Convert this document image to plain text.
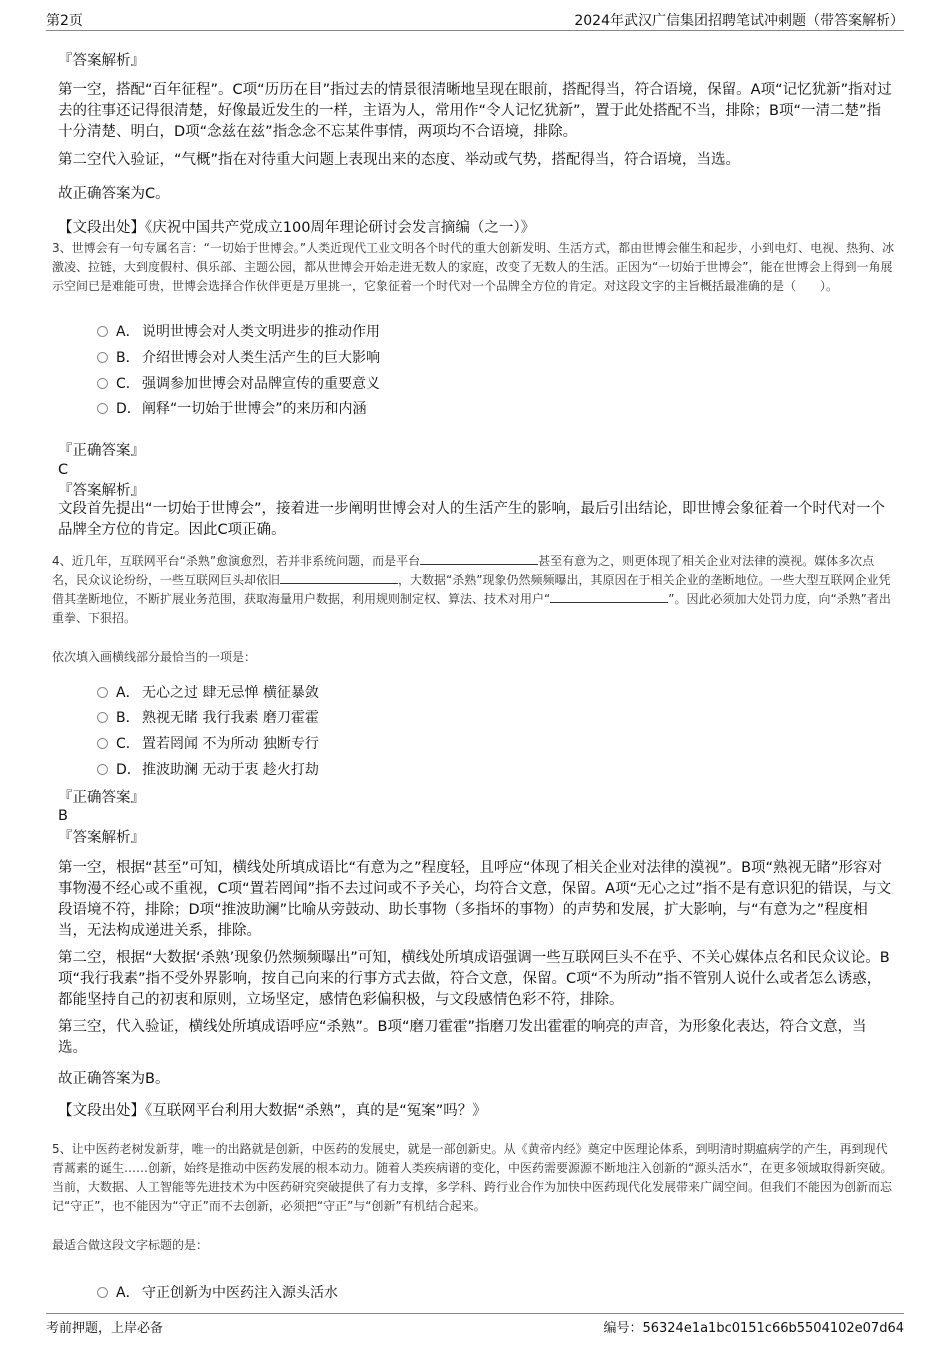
第2页	2024年武汉广信集团招聘笔试冲刺题（带答案解析）
『答案解析』
第一空，搭配“百年征程”。C项“历历在目”指过去的情景很清晰地呈现在眼前，搭配得当，符合语境，保留。A项“记忆犹新”指对过去的往事还记得很清楚，好像最近发生的一样，主语为人，常用作“令人记忆犹新”，置于此处搭配不当，排除；B项“一清二楚”指十分清楚、明白，D项“念兹在兹”指念念不忘某件事情，两项均不合语境，排除。
第二空代入验证，“气概”指在对待重大问题上表现出来的态度、举动或气势，搭配得当，符合语境，当选。
故正确答案为C。
【文段出处】《庆祝中国共产党成立100周年理论研讨会发言摘编（之一）》
3、世博会有一句专属名言：“一切始于世博会。”人类近现代工业文明各个时代的重大创新发明、生活方式，都由世博会催生和起步，小到电灯、电视、热狗、冰激凌、拉链，大到度假村、俱乐部、主题公园，都从世博会开始走进无数人的家庭，改变了无数人的生活。正因为“一切始于世博会”，能在世博会上得到一角展示空间已是难能可贵，世博会选择合作伙伴更是万里挑一，它象征着一个时代对一个品牌全方位的肯定。对这段文字的主旨概括最准确的是（　　）。
A． 说明世博会对人类文明进步的推动作用
B． 介绍世博会对人类生活产生的巨大影响
C． 强调参加世博会对品牌宣传的重要意义
D．阐释“一切始于世博会”的来历和内涵
『正确答案』
C
『答案解析』
文段首先提出“一切始于世博会”，接着进一步阐明世博会对人的生活产生的影响，最后引出结论，即世博会象征着一个时代对一个品牌全方位的肯定。因此C项正确。
4、近几年，互联网平台“杀熟”愈演愈烈，若并非系统问题，而是平台	甚至有意为之，则更体现了相关企业对法律的漠视。媒体多次点名，民众议论纷纷，一些互联网巨头却依旧	，大数据“杀熟”现象仍然频频曝出，其原因在于相关企业的垄断地位。一些大型互联网企业凭借其垄断地位，不断扩展业务范围，获取海量用户数据，利用规则制定权、算法、技术对用户“	”。因此必须加大处罚力度，向“杀熟”者出重拳、下狠招。
依次填入画横线部分最恰当的一项是：
A． 无心之过 肆无忌惮 横征暴敛
B． 熟视无睹 我行我素 磨刀霍霍
C． 置若罔闻 不为所动 独断专行
D．推波助澜 无动于衷 趁火打劫
『正确答案』
B
『答案解析』
第一空，根据“甚至”可知，横线处所填成语比“有意为之”程度轻，且呼应“体现了相关企业对法律的漠视”。B项“熟视无睹”形容对事物漫不经心或不重视，C项“置若罔闻”指不去过问或不予关心，均符合文意，保留。A项“无心之过”指不是有意识犯的错误，与文段语境不符，排除；D项“推波助澜”比喻从旁鼓动、助长事物（多指坏的事物）的声势和发展，扩大影响，与“有意为之”程度相当，无法构成递进关系，排除。
第二空，根据“大数据‘杀熟’现象仍然频频曝出”可知，横线处所填成语强调一些互联网巨头不在乎、不关心媒体点名和民众议论。B项“我行我素”指不受外界影响，按自己向来的行事方式去做，符合文意，保留。C项“不为所动”指不管别人说什么或者怎么诱惑，都能坚持自己的初衷和原则，立场坚定，感情色彩偏积极，与文段感情色彩不符，排除。
第三空，代入验证，横线处所填成语呼应“杀熟”。B项“磨刀霍霍”指磨刀发出霍霍的响亮的声音，为形象化表达，符合文意，当选。
故正确答案为B。
【文段出处】《互联网平台利用大数据“杀熟”，真的是“冤案”吗？》
5、让中医药老树发新芽，唯一的出路就是创新，中医药的发展史，就是一部创新史。从《黄帝内经》奠定中医理论体系，到明清时期瘟病学的产生，再到现代青蒿素的诞生……创新，始终是推动中医药发展的根本动力。随着人类疾病谱的变化，中医药需要源源不断地注入创新的“源头活水”，在更多领域取得新突破。当前，大数据、人工智能等先进技术为中医药研究突破提供了有力支撑，多学科、跨行业合作为加快中医药现代化发展带来广阔空间。但我们不能因为创新而忘记“守正”，也不能因为“守正”而不去创新，必须把“守正”与“创新”有机结合起来。
最适合做这段文字标题的是：
A． 守正创新为中医药注入源头活水
考前押题，上岸必备	编号：56324e1a1bc0151c66b5504102e07d64
